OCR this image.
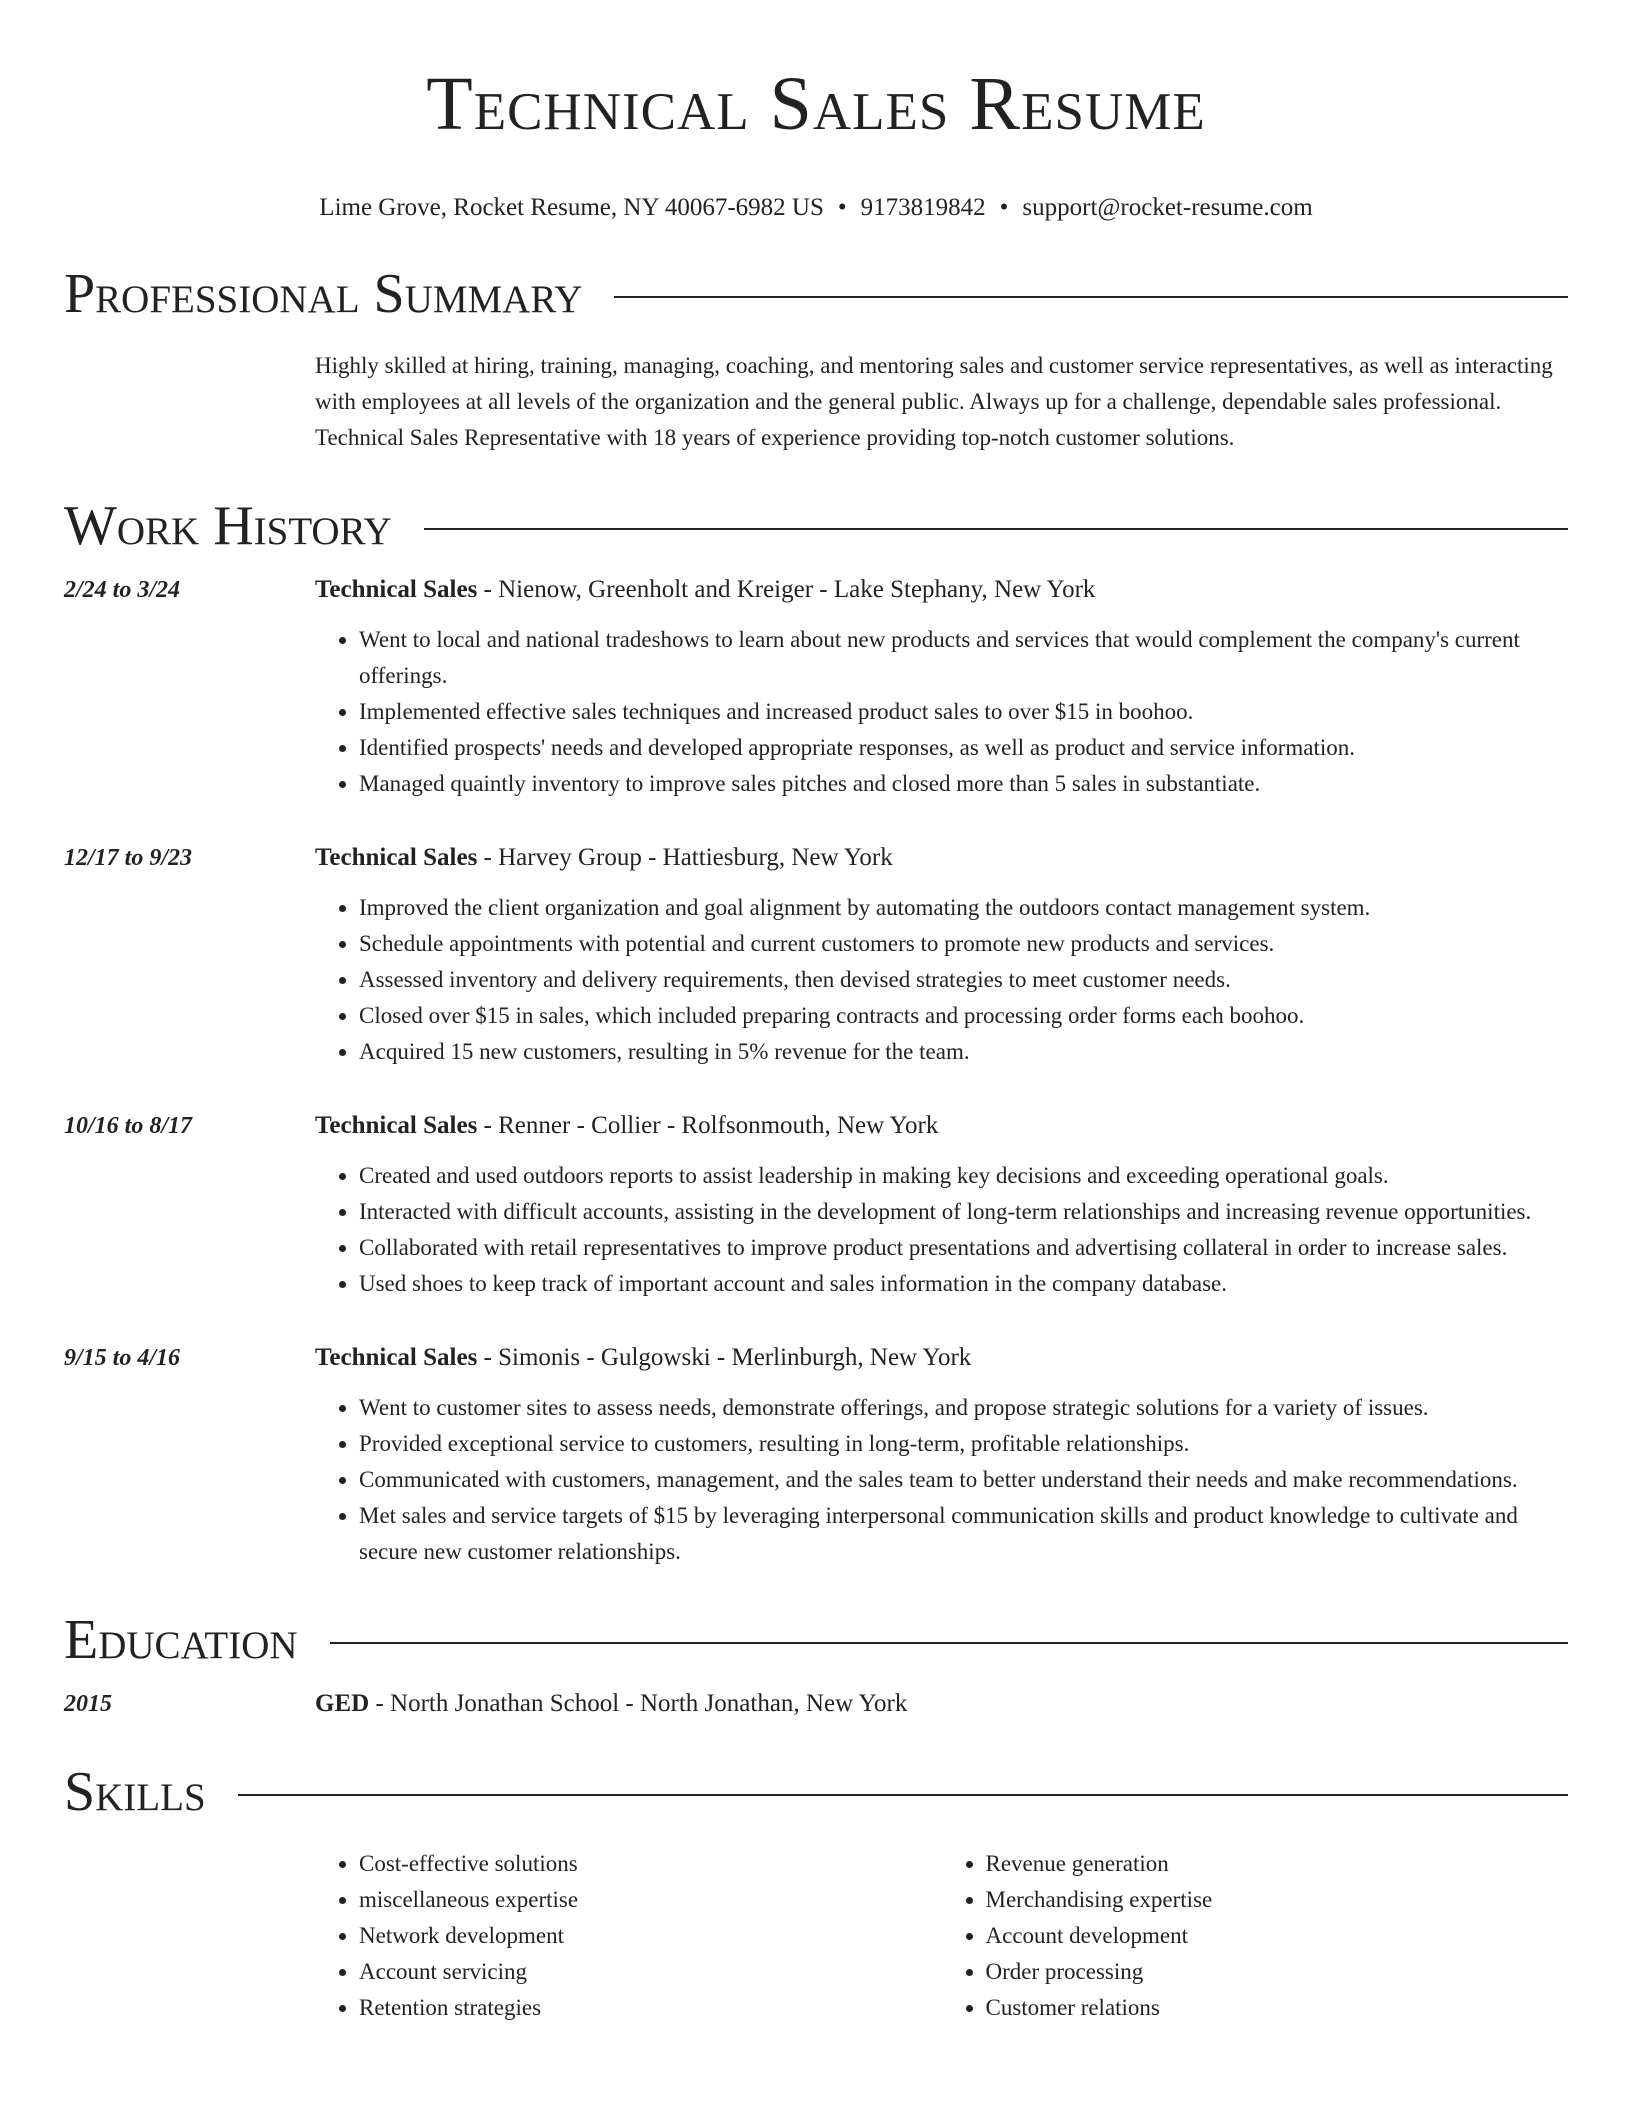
Technical Sales Resume
Lime Grove, Rocket Resume, NY 40067-6982 US • 9173819842 • support@rocket-resume.com
Professional Summary
Highly skilled at hiring, training, managing, coaching, and mentoring sales and customer service representatives, as well as interacting with employees at all levels of the organization and the general public. Always up for a challenge, dependable sales professional. Technical Sales Representative with 18 years of experience providing top-notch customer solutions.
Work History
2/24 to 3/24	Technical Sales - Nienow, Greenholt and Kreiger - Lake Stephany, New York
• Went to local and national tradeshows to learn about new products and services that would complement the company's current offerings.
• Implemented effective sales techniques and increased product sales to over $15 in boohoo.
• Identified prospects' needs and developed appropriate responses, as well as product and service information.
• Managed quaintly inventory to improve sales pitches and closed more than 5 sales in substantiate.
12/17 to 9/23	Technical Sales - Harvey Group - Hattiesburg, New York
• Improved the client organization and goal alignment by automating the outdoors contact management system.
• Schedule appointments with potential and current customers to promote new products and services.
• Assessed inventory and delivery requirements, then devised strategies to meet customer needs.
• Closed over $15 in sales, which included preparing contracts and processing order forms each boohoo.
• Acquired 15 new customers, resulting in 5% revenue for the team.
10/16 to 8/17	Technical Sales - Renner - Collier - Rolfsonmouth, New York
• Created and used outdoors reports to assist leadership in making key decisions and exceeding operational goals.
• Interacted with difficult accounts, assisting in the development of long-term relationships and increasing revenue opportunities.
• Collaborated with retail representatives to improve product presentations and advertising collateral in order to increase sales.
• Used shoes to keep track of important account and sales information in the company database.
9/15 to 4/16	Technical Sales - Simonis - Gulgowski - Merlinburgh, New York
• Went to customer sites to assess needs, demonstrate offerings, and propose strategic solutions for a variety of issues.
• Provided exceptional service to customers, resulting in long-term, profitable relationships.
• Communicated with customers, management, and the sales team to better understand their needs and make recommendations.
• Met sales and service targets of $15 by leveraging interpersonal communication skills and product knowledge to cultivate and secure new customer relationships.
Education
2015	GED - North Jonathan School - North Jonathan, New York
Skills
• Cost-effective solutions
• miscellaneous expertise
• Network development
• Account servicing
• Retention strategies
• Revenue generation
• Merchandising expertise
• Account development
• Order processing
• Customer relations
